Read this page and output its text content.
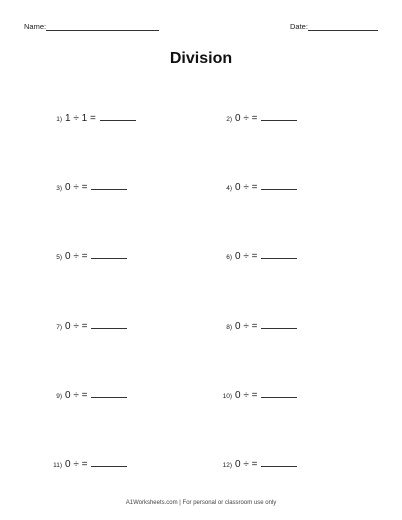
Name:	Date:
Division
1) 1 ÷ 1 =
3) 0 ÷ =
5) 0 ÷ =
7) 0 ÷ =
9) 0 ÷ =
11) 0 ÷ =
2) 0 ÷ =
4) 0 ÷ =
6) 0 ÷ =
8) 0 ÷ =
10) 0 ÷ =
12) 0 ÷ =
A1Worksheets.com | For personal or classroom use only
